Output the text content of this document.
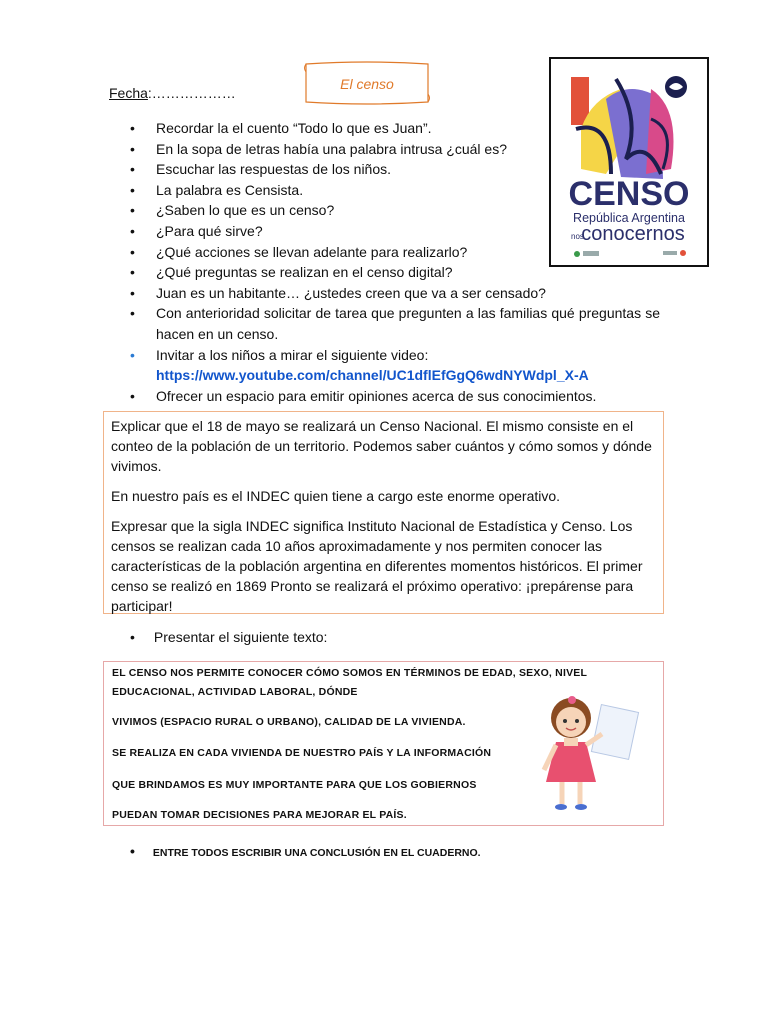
Fecha:………………
El censo
CENSO
República Argentina
nos
conocernos
• Recordar la el cuento “Todo lo que es Juan”.
• En la sopa de letras había una palabra intrusa ¿cuál es?
• Escuchar las respuestas de los niños.
• La palabra es Censista.
• ¿Saben lo que es un censo?
• ¿Para qué sirve?
• ¿Qué acciones se llevan adelante para realizarlo?
• ¿Qué preguntas se realizan en el censo digital?
• Juan es un habitante… ¿ustedes creen que va a ser censado?
• Con anterioridad solicitar de tarea que pregunten a las familias qué preguntas se hacen en un censo.
• Invitar a los niños a mirar el siguiente video:
https://www.youtube.com/channel/UC1dflEfGgQ6wdNYWdpl_X-A
• Ofrecer un espacio para emitir opiniones acerca de sus conocimientos.

Explicar que el 18 de mayo se realizará un Censo Nacional. El mismo consiste en el conteo de la población de un territorio. Podemos saber cuántos y cómo somos y dónde vivimos.

En nuestro país es el INDEC quien tiene a cargo este enorme operativo.

Expresar que la sigla INDEC significa Instituto Nacional de Estadística y Censo. Los censos se realizan cada 10 años aproximadamente y nos permiten conocer las características de la población argentina en diferentes momentos históricos. El primer censo se realizó en 1869 Pronto se realizará el próximo operativo: ¡prepárense para participar!

• Presentar el siguiente texto:
EL CENSO NOS PERMITE CONOCER CÓMO SOMOS EN TÉRMINOS DE EDAD, SEXO, NIVEL
EDUCACIONAL, ACTIVIDAD LABORAL, DÓNDE
VIVIMOS (ESPACIO RURAL O URBANO), CALIDAD DE LA VIVIENDA.
SE REALIZA EN CADA VIVIENDA DE NUESTRO PAÍS Y LA INFORMACIÓN
QUE BRINDAMOS ES MUY IMPORTANTE PARA QUE LOS GOBIERNOS
PUEDAN TOMAR DECISIONES PARA MEJORAR EL PAÍS.
• ENTRE TODOS ESCRIBIR UNA CONCLUSIÓN EN EL CUADERNO.
